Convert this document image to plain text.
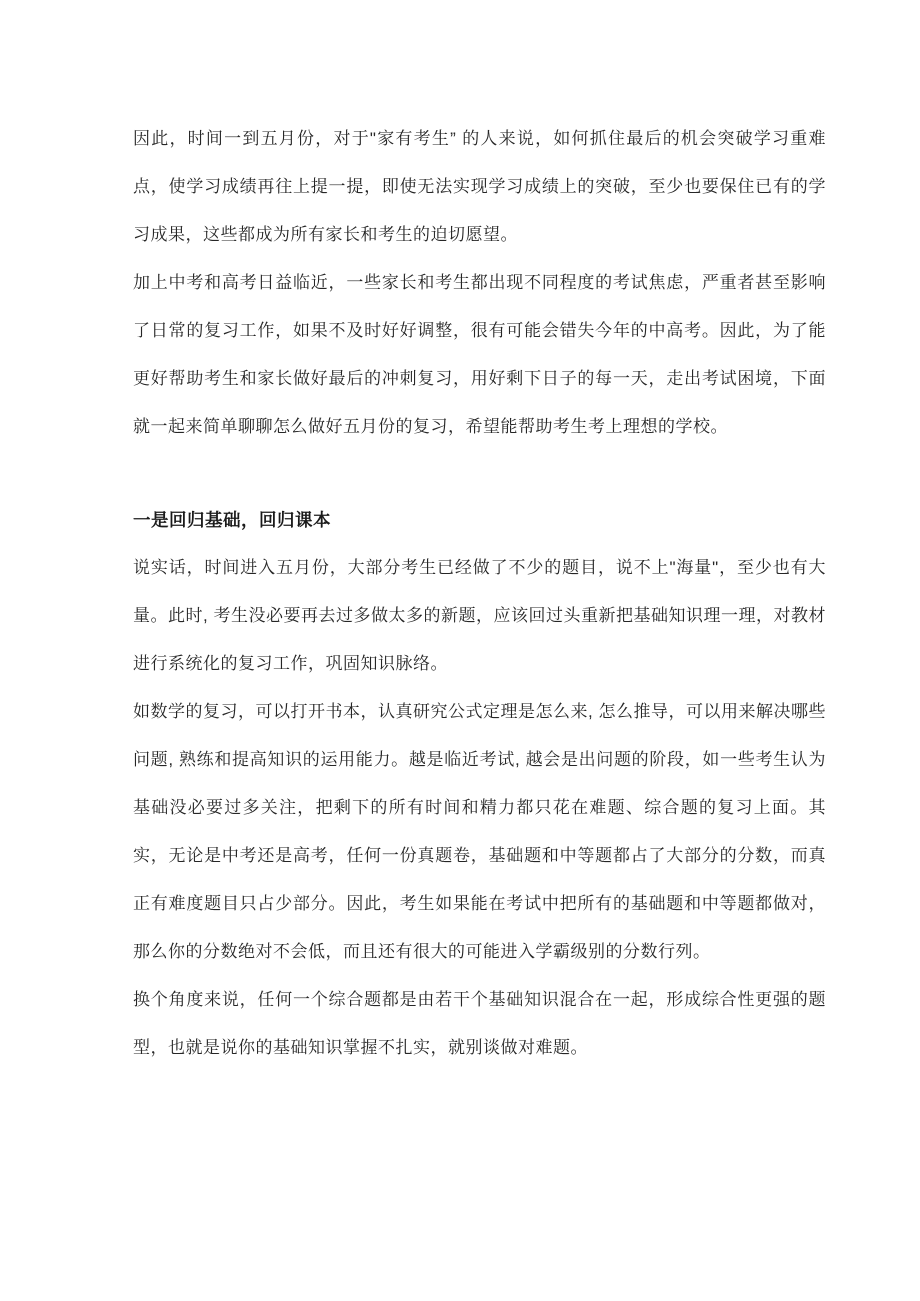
因此，时间一到五月份，对于"家有考生” 的人来说，如何抓住最后的机会突破学习重难点，使学习成绩再往上提一提，即使无法实现学习成绩上的突破，至少也要保住已有的学习成果，这些都成为所有家长和考生的迫切愿望。

加上中考和高考日益临近，一些家长和考生都出现不同程度的考试焦虑，严重者甚至影响了日常的复习工作，如果不及时好好调整，很有可能会错失今年的中高考。因此，为了能更好帮助考生和家长做好最后的冲刺复习，用好剩下日子的每一天，走出考试困境，下面就一起来简单聊聊怎么做好五月份的复习，希望能帮助考生考上理想的学校。

一是回归基础，回归课本

说实话，时间进入五月份，大部分考生已经做了不少的题目，说不上"海量"，至少也有大量。此时, 考生没必要再去过多做太多的新题，应该回过头重新把基础知识理一理，对教材进行系统化的复习工作，巩固知识脉络。

如数学的复习，可以打开书本，认真研究公式定理是怎么来, 怎么推导，可以用来解决哪些问题, 熟练和提高知识的运用能力。越是临近考试, 越会是出问题的阶段，如一些考生认为基础没必要过多关注，把剩下的所有时间和精力都只花在难题、综合题的复习上面。其实，无论是中考还是高考，任何一份真题卷，基础题和中等题都占了大部分的分数，而真正有难度题目只占少部分。因此，考生如果能在考试中把所有的基础题和中等题都做对，那么你的分数绝对不会低，而且还有很大的可能进入学霸级别的分数行列。

换个角度来说，任何一个综合题都是由若干个基础知识混合在一起，形成综合性更强的题型，也就是说你的基础知识掌握不扎实，就别谈做对难题。
